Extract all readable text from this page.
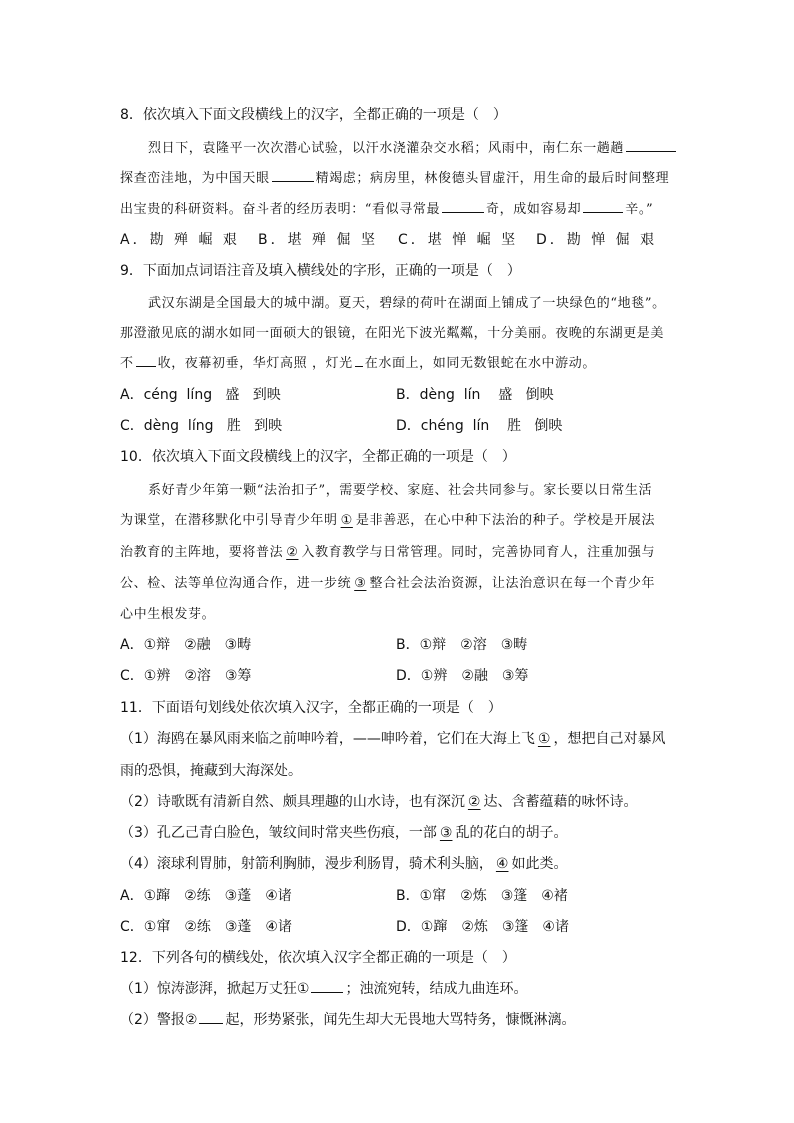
8．依次填入下面文段横线上的汉字，全都正确的一项是（　）
烈日下，袁隆平一次次潜心试验，以汗水浇灌杂交水稻；风雨中，南仁东一趟趟
探查峦洼地，为中国天眼	精竭虑；病房里，林俊德头冒虚汗，用生命的最后时间整理
出宝贵的科研资料。奋斗者的经历表明：“看似寻常最	奇，成如容易却	辛。”
A．勘 殚 崛 艰 B．堪 殚 倔 坚 C．堪 惮 崛 坚 D．勘 惮 倔 艰
9．下面加点词语注音及填入横线处的字形，正确的一项是（　）
武汉东湖是全国最大的城中湖。夏天，碧绿的荷叶在湖面上铺成了一块绿色的“地毯”。
那澄澈见底的湖水如同一面硕大的银镜，在阳光下波光粼粼，十分美丽。夜晚的东湖更是美
不 收，夜幕初垂，华灯高照 ，灯光 在水面上，如同无数银蛇在水中游动。
A．céng  líng   盛   到映	B．dèng  lín    盛   倒映
C．dèng  líng   胜   到映	D．chéng  lín    胜   倒映
10．依次填入下面文段横线上的汉字，全都正确的一项是（　）
系好青少年第一颗“法治扣子”，需要学校、家庭、社会共同参与。家长要以日常生活
为课堂，在潜移默化中引导青少年明 ① 是非善恶，在心中种下法治的种子。学校是开展法
治教育的主阵地，要将普法 ② 入教育教学与日常管理。同时，完善协同育人，注重加强与
公、检、法等单位沟通合作，进一步统 ③ 整合社会法治资源，让法治意识在每一个青少年
心中生根发芽。
A．①辩　②融　③畴	B．①辩　②溶　③畴
C．①辨　②溶　③筹	D．①辨　②融　③筹
11．下面语句划线处依次填入汉字，全都正确的一项是（　）
（1）海鸥在暴风雨来临之前呻吟着，——呻吟着，它们在大海上飞 ① ，想把自己对暴风
雨的恐惧，掩藏到大海深处。
（2）诗歌既有清新自然、颇具理趣的山水诗，也有深沉 ② 达、含蓄蕴藉的咏怀诗。
（3）孔乙己青白脸色，皱纹间时常夹些伤痕，一部 ③ 乱的花白的胡子。
（4）滚球利胃肺，射箭利胸肺，漫步利肠胃，骑术利头脑， ④ 如此类。
A．①蹿　②练　③蓬　④诸	B．①窜　②炼　③篷　④褚
C．①窜　②练　③蓬　④诸	D．①蹿　②炼　③篷　④诸
12．下列各句的横线处，依次填入汉字全都正确的一项是（　）
（1）惊涛澎湃，掀起万丈狂①	；浊流宛转，结成九曲连环。
（2）警报② 起，形势紧张，闻先生却大无畏地大骂特务，慷慨淋漓。
